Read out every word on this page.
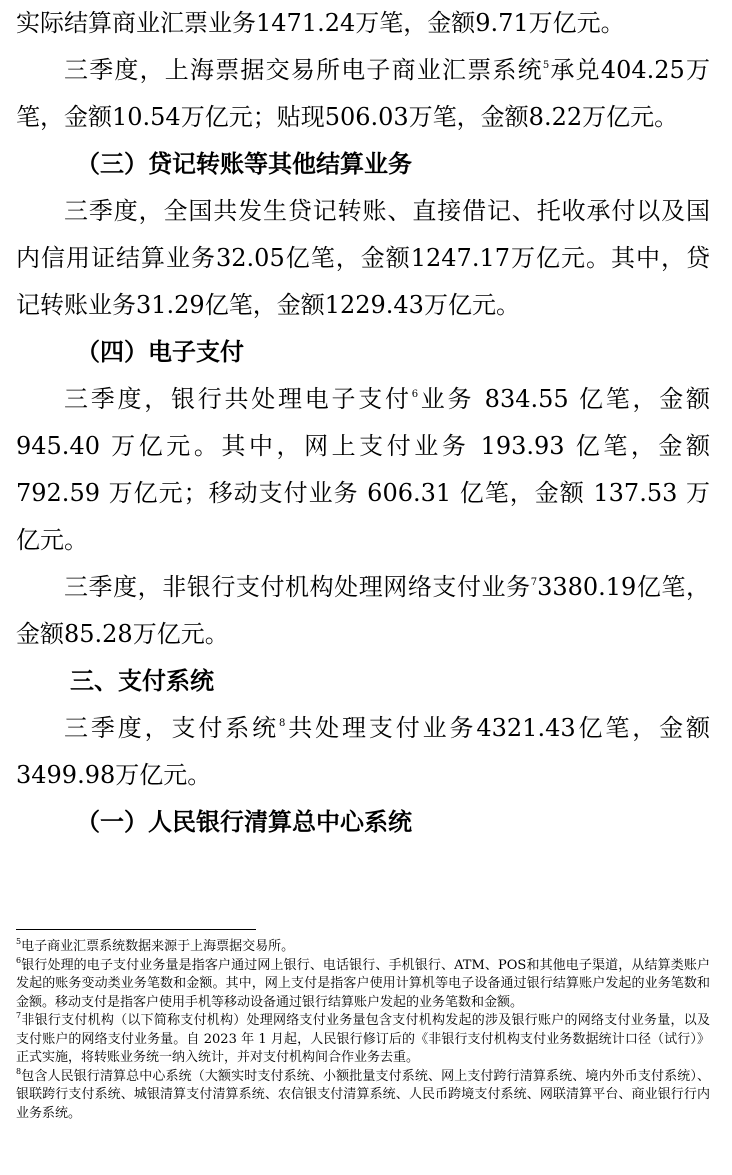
实际结算商业汇票业务1471.24万笔，金额9.71万亿元。

三季度，上海票据交易所电子商业汇票系统$^5$承兑404.25万笔，金额10.54万亿元；贴现506.03万笔，金额8.22万亿元。

（三）贷记转账等其他结算业务

三季度，全国共发生贷记转账、直接借记、托收承付以及国内信用证结算业务32.05亿笔，金额1247.17万亿元。其中，贷记转账业务31.29亿笔，金额1229.43万亿元。

（四）电子支付

三季度，银行共处理电子支付$^6$业务 834.55 亿笔，金额 945.40 万亿元。其中，网上支付业务 193.93 亿笔，金额 792.59 万亿元；移动支付业务 606.31 亿笔，金额 137.53 万亿元。

三季度，非银行支付机构处理网络支付业务$^7$3380.19亿笔，金额85.28万亿元。

三、支付系统

三季度，支付系统$^8$共处理支付业务4321.43亿笔，金额3499.98万亿元。

（一）人民银行清算总中心系统

$^5$电子商业汇票系统数据来源于上海票据交易所。

$^6$银行处理的电子支付业务量是指客户通过网上银行、电话银行、手机银行、ATM、POS和其他电子渠道，从结算类账户发起的账务变动类业务笔数和金额。其中，网上支付是指客户使用计算机等电子设备通过银行结算账户发起的业务笔数和金额。移动支付是指客户使用手机等移动设备通过银行结算账户发起的业务笔数和金额。

$^7$非银行支付机构（以下简称支付机构）处理网络支付业务量包含支付机构发起的涉及银行账户的网络支付业务量，以及支付账户的网络支付业务量。自 2023 年 1 月起，人民银行修订后的《非银行支付机构支付业务数据统计口径（试行）》正式实施，将转账业务统一纳入统计，并对支付机构间合作业务去重。

$^8$包含人民银行清算总中心系统（大额实时支付系统、小额批量支付系统、网上支付跨行清算系统、境内外币支付系统）、银联跨行支付系统、城银清算支付清算系统、农信银支付清算系统、人民币跨境支付系统、网联清算平台、商业银行行内业务系统。
